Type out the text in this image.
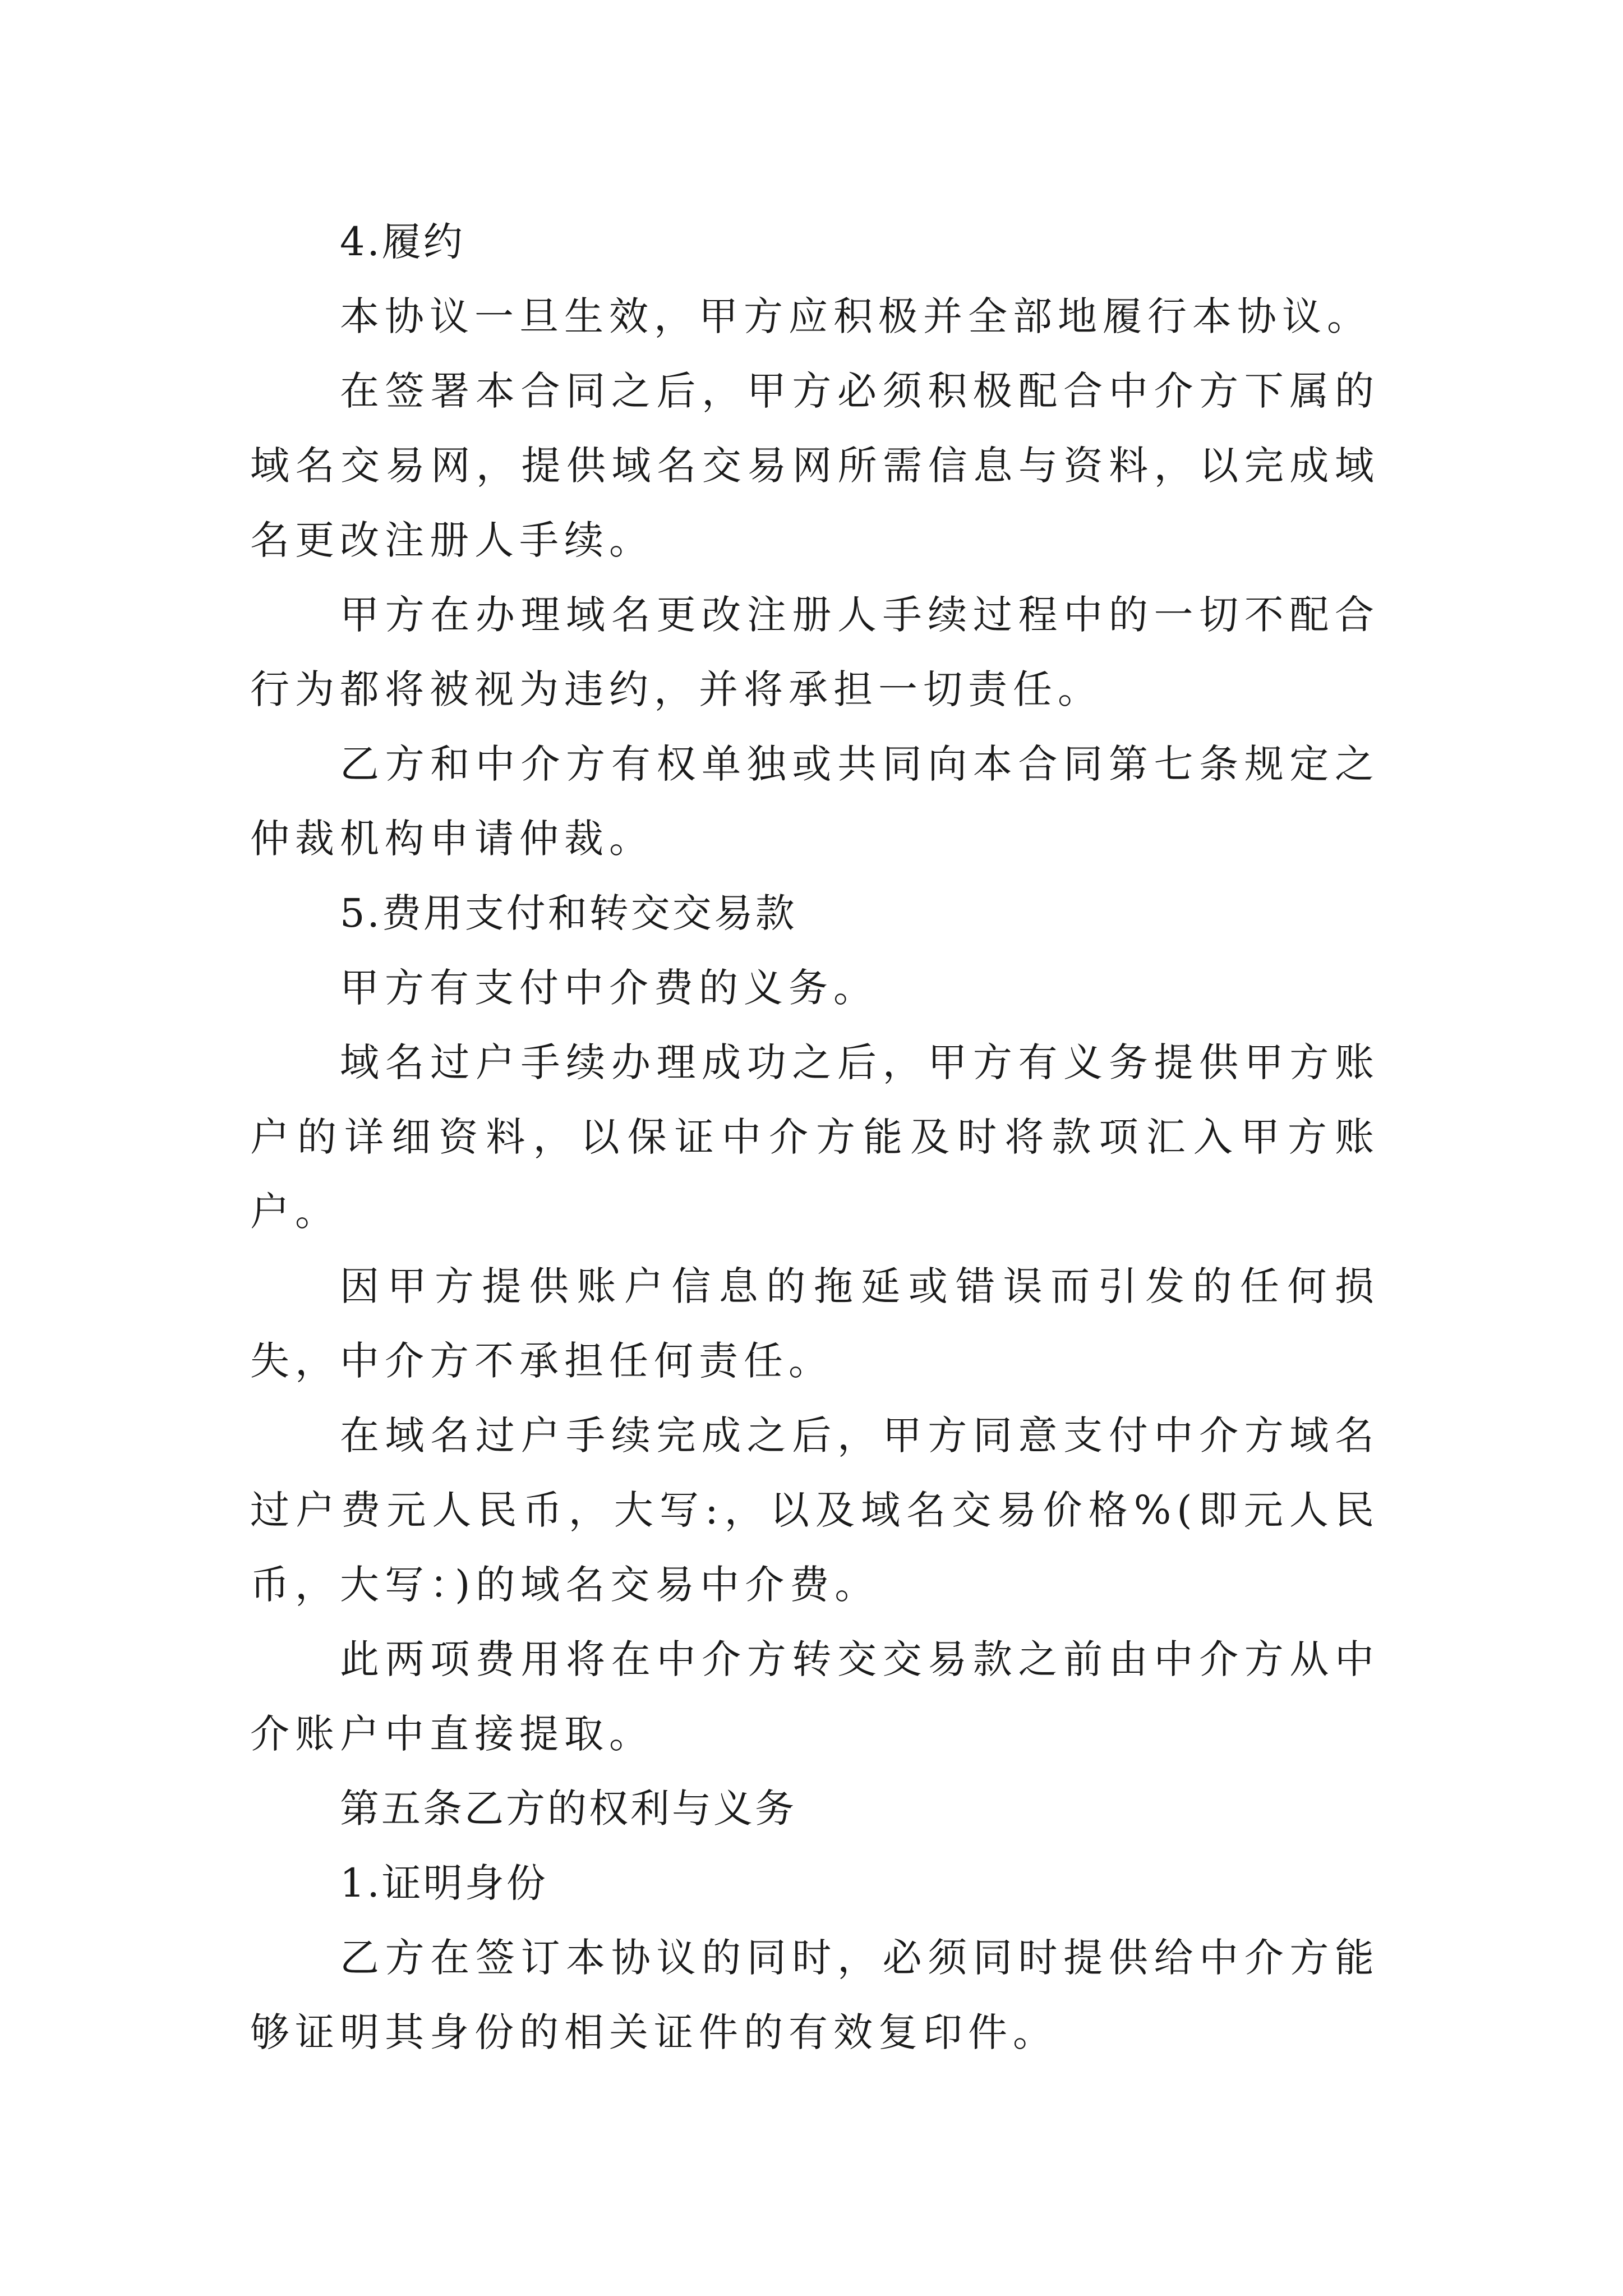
4.履约

本协议一旦生效，甲方应积极并全部地履行本协议。

在签署本合同之后，甲方必须积极配合中介方下属的域名交易网，提供域名交易网所需信息与资料，以完成域名更改注册人手续。

甲方在办理域名更改注册人手续过程中的一切不配合行为都将被视为违约，并将承担一切责任。

乙方和中介方有权单独或共同向本合同第七条规定之仲裁机构申请仲裁。

5.费用支付和转交交易款

甲方有支付中介费的义务。

域名过户手续办理成功之后，甲方有义务提供甲方账户的详细资料，以保证中介方能及时将款项汇入甲方账户。

因甲方提供账户信息的拖延或错误而引发的任何损失，中介方不承担任何责任。

在域名过户手续完成之后，甲方同意支付中介方域名过户费元人民币，大写:，以及域名交易价格%(即元人民币，大写：)的域名交易中介费。

此两项费用将在中介方转交交易款之前由中介方从中介账户中直接提取。

第五条乙方的权利与义务

1.证明身份

乙方在签订本协议的同时，必须同时提供给中介方能够证明其身份的相关证件的有效复印件。
